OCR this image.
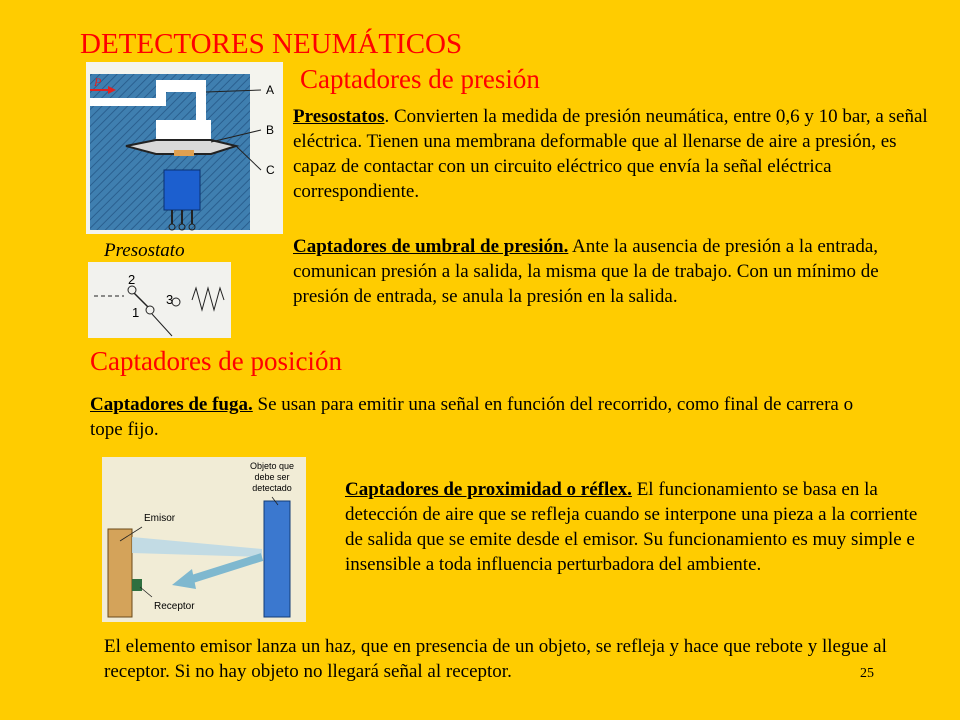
DETECTORES NEUMÁTICOS
Captadores de presión
P
A
B
C
Presostato
2
3
1
Presostatos. Convierten la medida de presión neumática, entre 0,6 y 10 bar, a señal eléctrica. Tienen una membrana deformable que al llenarse de aire a presión, es capaz de contactar con un circuito eléctrico que envía la señal eléctrica correspondiente.
Captadores de umbral de presión. Ante la ausencia de presión a la entrada, comunican presión a la salida, la misma que la de trabajo. Con un mínimo de presión de entrada, se anula la presión en la salida.
Captadores de posición
Captadores de fuga. Se usan para emitir una señal en función del recorrido, como final de carrera o tope fijo.
Emisor
Receptor
Objeto que
debe ser
detectado	Captadores de proximidad o réflex. El funcionamiento se basa en la detección de aire que se refleja cuando se interpone una pieza a la corriente de salida que se emite desde el emisor. Su funcionamiento es muy simple e insensible a toda influencia perturbadora del ambiente.
El elemento emisor lanza un haz, que en presencia de un objeto, se refleja y hace que rebote y llegue al receptor. Si no hay objeto no llegará señal al receptor.	25
